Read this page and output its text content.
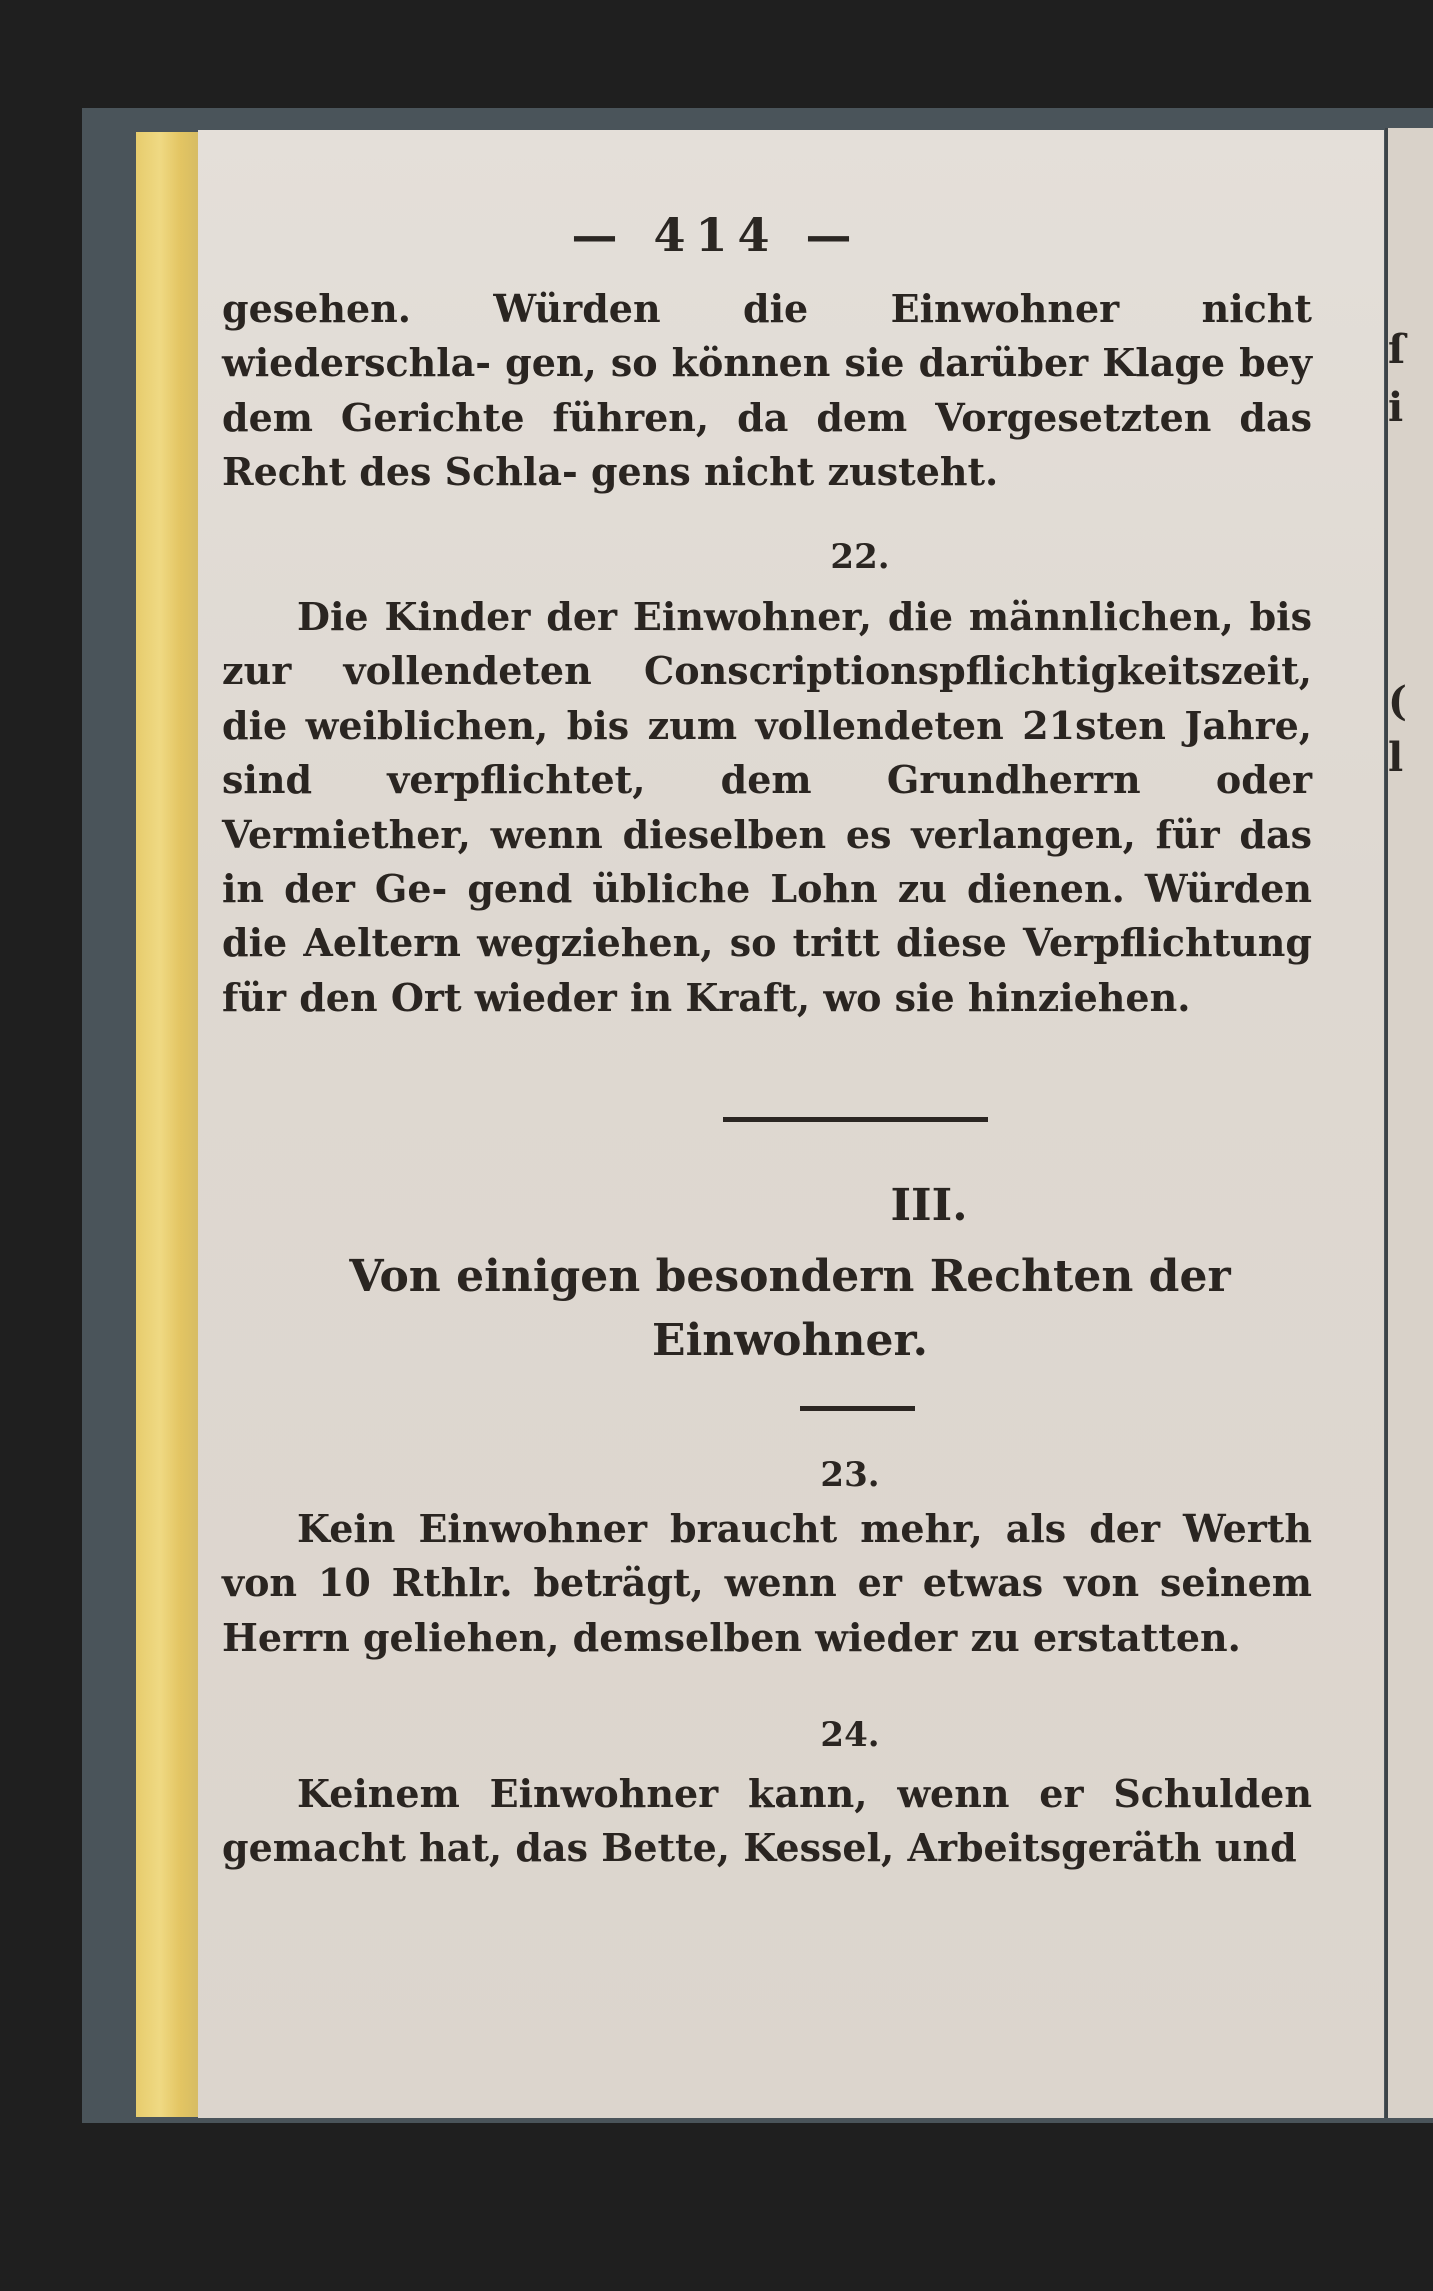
ſ
i
(
l
— 414 —

gesehen. Würden die Einwohner nicht wiederschla- gen, so können sie darüber Klage bey dem Gerichte führen, da dem Vorgesetzten das Recht des Schla- gens nicht zusteht.

22.

Die Kinder der Einwohner, die männlichen, bis zur vollendeten Conscriptionspflichtigkeitszeit, die weiblichen, bis zum vollendeten 21sten Jahre, sind verpflichtet, dem Grundherrn oder Vermiether, wenn dieselben es verlangen, für das in der Ge- gend übliche Lohn zu dienen. Würden die Aeltern wegziehen, so tritt diese Verpflichtung für den Ort wieder in Kraft, wo sie hinziehen.

III.

Von einigen besondern Rechten der Einwohner.

23.

Kein Einwohner braucht mehr, als der Werth von 10 Rthlr. beträgt, wenn er etwas von seinem Herrn geliehen, demselben wieder zu erstatten.

24.

Keinem Einwohner kann, wenn er Schulden gemacht hat, das Bette, Kessel, Arbeitsgeräth und
